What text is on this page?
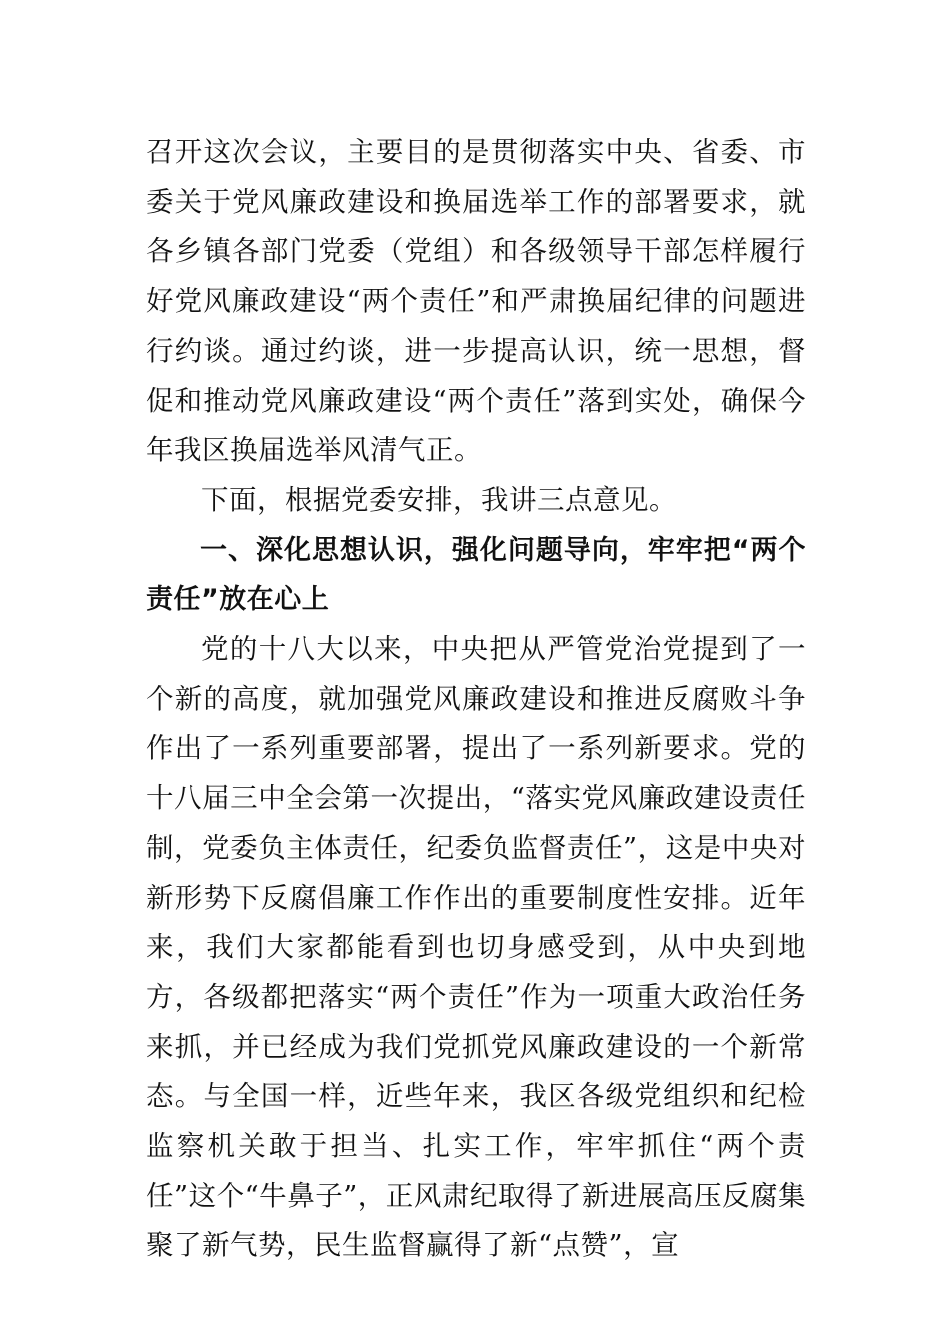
召开这次会议，主要目的是贯彻落实中央、省委、市委关于党风廉政建设和换届选举工作的部署要求，就各乡镇各部门党委（党组）和各级领导干部怎样履行好党风廉政建设“两个责任”和严肃换届纪律的问题进行约谈。通过约谈，进一步提高认识，统一思想，督促和推动党风廉政建设“两个责任”落到实处，确保今年我区换届选举风清气正。

下面，根据党委安排，我讲三点意见。

一、深化思想认识，强化问题导向，牢牢把“两个责任”放在心上

党的十八大以来，中央把从严管党治党提到了一个新的高度，就加强党风廉政建设和推进反腐败斗争作出了一系列重要部署，提出了一系列新要求。党的十八届三中全会第一次提出，“落实党风廉政建设责任制，党委负主体责任，纪委负监督责任”，这是中央对新形势下反腐倡廉工作作出的重要制度性安排。近年来，我们大家都能看到也切身感受到，从中央到地方，各级都把落实“两个责任”作为一项重大政治任务来抓，并已经成为我们党抓党风廉政建设的一个新常态。与全国一样，近些年来，我区各级党组织和纪检监察机关敢于担当、扎实工作，牢牢抓住“两个责任”这个“牛鼻子”，正风肃纪取得了新进展高压反腐集聚了新气势，民生监督赢得了新“点赞”，宣
